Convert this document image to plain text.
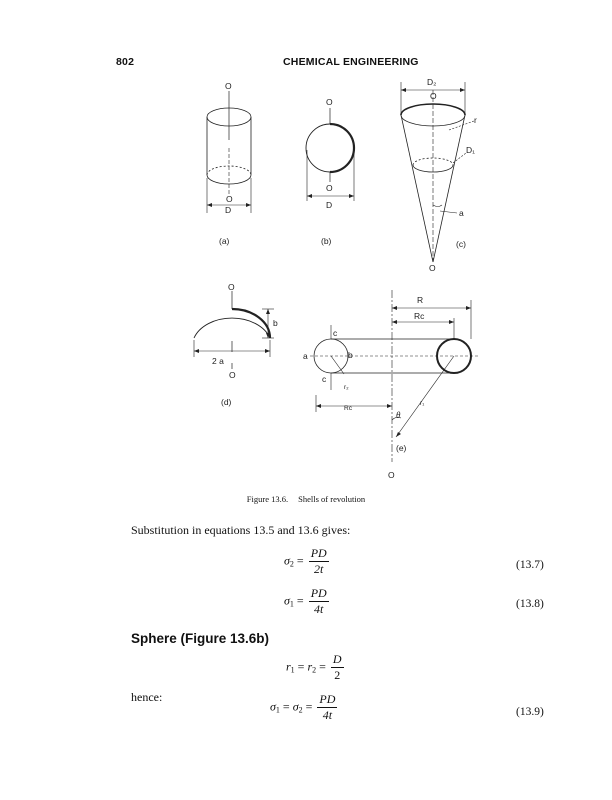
802	CHEMICAL ENGINEERING
O
O
D
(a)
O
O
D
(b)
D₂
O
r
D₁
a
O
(c)
O
b
2 a
O
(d)
R
Rᴄ
a	b
c
c
r₂
r₁
Rᴄ
θ
(e)
O
Figure 13.6. Shells of revolution
Substitution in equations 13.5 and 13.6 gives:
$\sigma_2 = \frac{PD}{2t}$	(13.7)
$\sigma_1 = \frac{PD}{4t}$	(13.8)
Sphere (Figure 13.6b)
$r_1 = r_2 = \frac{D}{2}$
hence:
$\sigma_1 = \sigma_2 = \frac{PD}{4t}$	(13.9)
